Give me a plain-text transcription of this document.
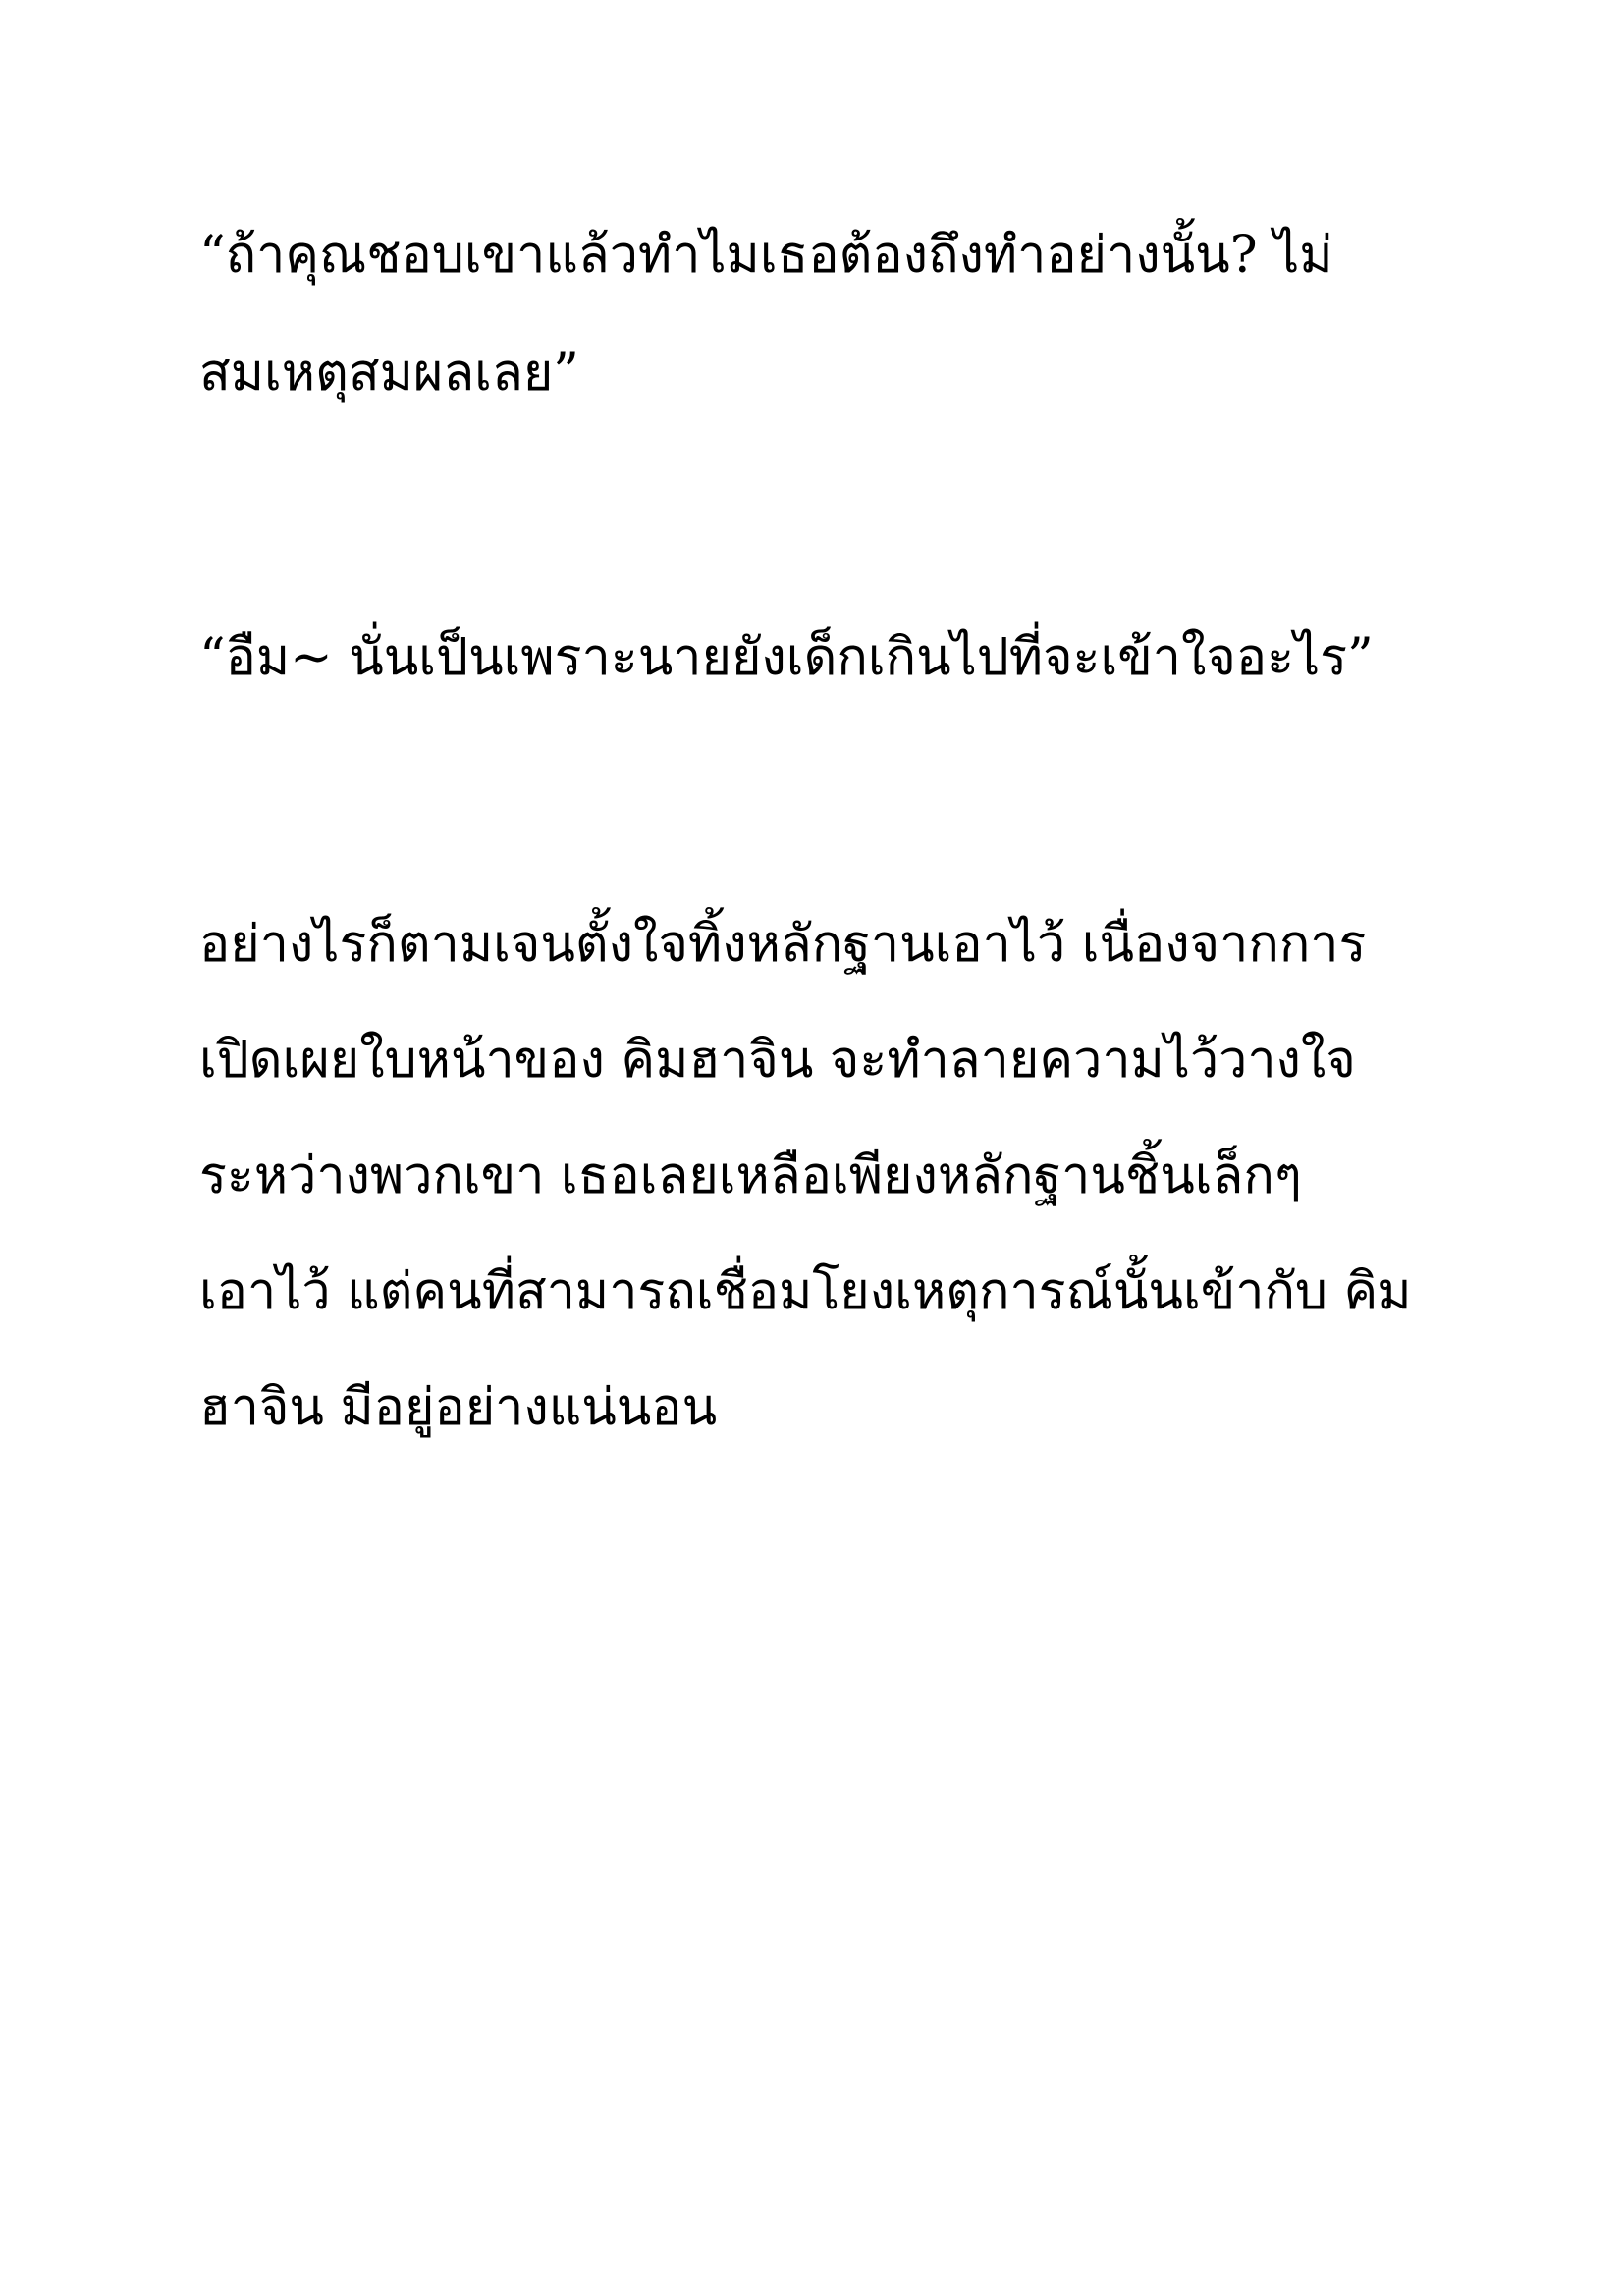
“ถ้าคุณชอบเขาแล้วทำไมเธอต้องถึงทำอย่างนั้น? ไม่

สมเหตุสมผลเลย”

“อืม~ นั่นเป็นเพราะนายยังเด็กเกินไปที่จะเข้าใจอะไร”

อย่างไรก็ตามเจนตั้งใจทิ้งหลักฐานเอาไว้ เนื่องจากการ

เปิดเผยใบหน้าของ คิมฮาจิน จะทำลายความไว้วางใจ

ระหว่างพวกเขา เธอเลยเหลือเพียงหลักฐานชิ้นเล็กๆ

เอาไว้ แต่คนที่สามารถเชื่อมโยงเหตุการณ์นั้นเข้ากับ คิม

ฮาจิน มีอยู่อย่างแน่นอน
